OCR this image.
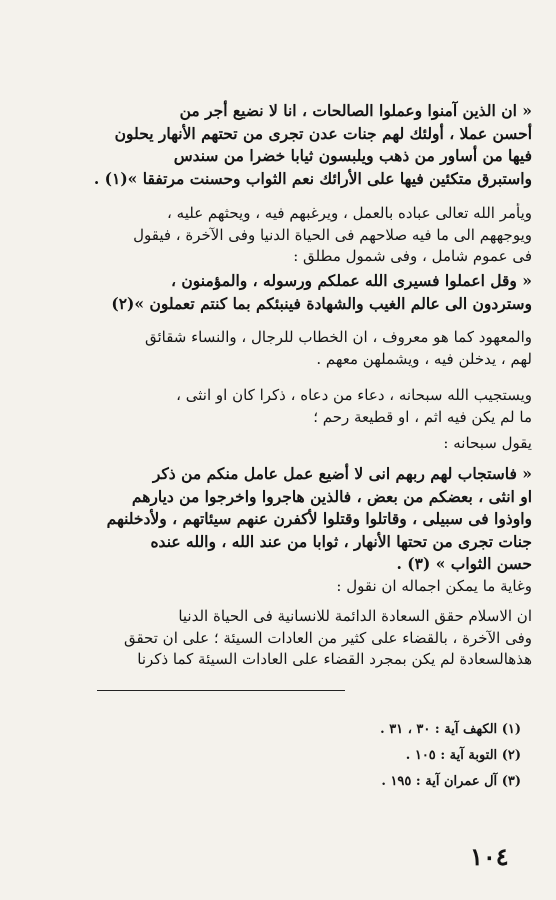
« ان الذين آمنوا وعملوا الصالحات ، انا لا نضيع أجر من
أحسن عملا ، أولئك لهم جنات عدن تجرى من تحتهم الأنهار يحلون
فيها من أساور من ذهب ويلبسون ثيابا خضرا من سندس
واستبرق متكئين فيها على الأرائك نعم الثواب وحسنت مرتفقا »(١) .
ويأمر الله تعالى عباده بالعمل ، ويرغبهم فيه ، ويحثهم عليه ،
ويوجههم الى ما فيه صلاحهم فى الحياة الدنيا وفى الآخرة ، فيقول
فى عموم شامل ، وفى شمول مطلق :
« وقل اعملوا فسيرى الله عملكم ورسوله ، والمؤمنون ،
وستردون الى عالم الغيب والشهادة فينبئكم بما كنتم تعملون »(٢)
والمعهود كما هو معروف ، ان الخطاب للرجال ، والنساء شقائق
لهم ، يدخلن فيه ، ويشملهن معهم .
ويستجيب الله سبحانه ، دعاء من دعاه ، ذكرا كان او انثى ،
ما لم يكن فيه اثم ، او قطيعة رحم ؛
يقول سبحانه :
« فاستجاب لهم ربهم انى لا أضيع عمل عامل منكم من ذكر
او انثى ، بعضكم من بعض ، فالذين هاجروا واخرجوا من ديارهم
واوذوا فى سبيلى ، وقاتلوا وقتلوا لأكفرن عنهم سيئاتهم ، ولأدخلنهم
جنات تجرى من تحتها الأنهار ، ثوابا من عند الله ، والله عنده
حسن الثواب » (٣) .
وغاية ما يمكن اجماله ان نقول :
ان الاسلام حقق السعادة الدائمة للانسانية فى الحياة الدنيا
وفى الآخرة ، بالقضاء على كثير من العادات السيئة ؛ على ان تحقق
هذهالسعادة لم يكن بمجرد القضاء على العادات السيئة كما ذكرنا
(١) الكهف آية : ٣٠ ، ٣١ .
(٢) التوبة آية : ١٠٥ .
(٣) آل عمران آية : ١٩٥ .
١٠٤
